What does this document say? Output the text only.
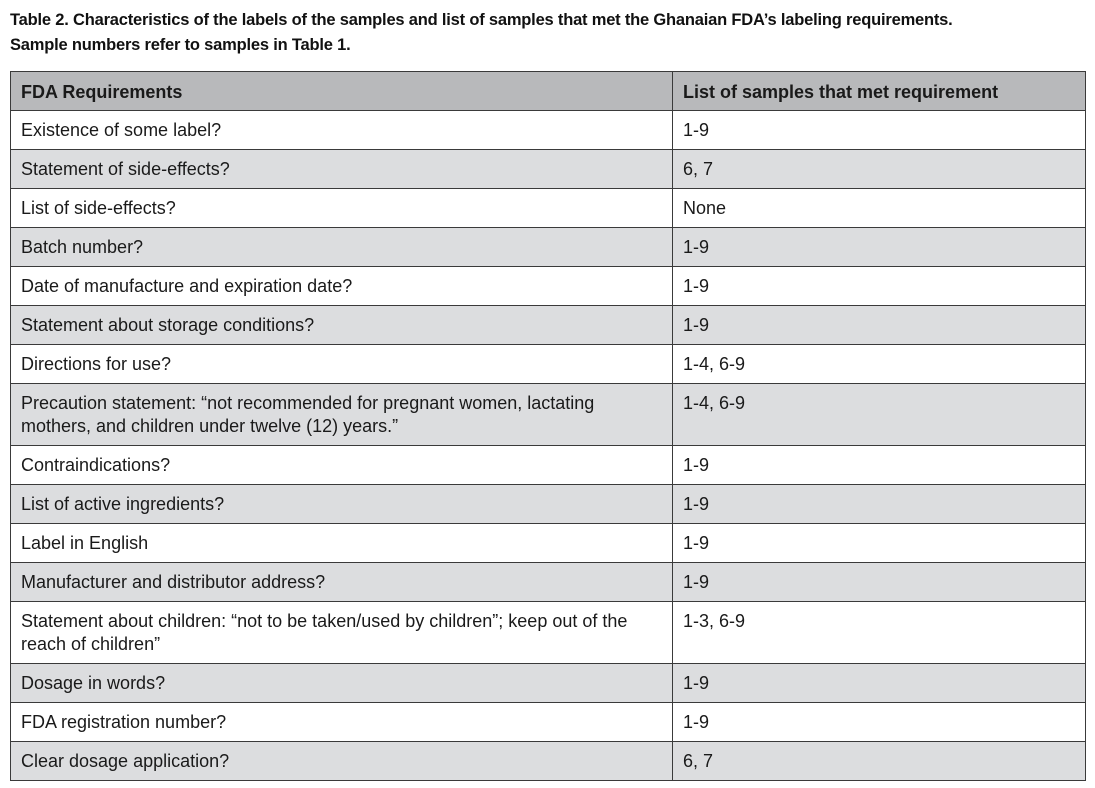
Table 2. Characteristics of the labels of the samples and list of samples that met the Ghanaian FDA’s labeling requirements.
Sample numbers refer to samples in Table 1.
FDA Requirements	List of samples that met requirement
Existence of some label?	1-9
Statement of side-effects?	6, 7
List of side-effects?	None
Batch number?	1-9
Date of manufacture and expiration date?	1-9
Statement about storage conditions?	1-9
Directions for use?	1-4, 6-9
Precaution statement: “not recommended for pregnant women, lactating mothers, and children under twelve (12) years.”	1-4, 6-9
Contraindications?	1-9
List of active ingredients?	1-9
Label in English	1-9
Manufacturer and distributor address?	1-9
Statement about children: “not to be taken/used by children”; keep out of the reach of children”	1-3, 6-9
Dosage in words?	1-9
FDA registration number?	1-9
Clear dosage application?	6, 7
